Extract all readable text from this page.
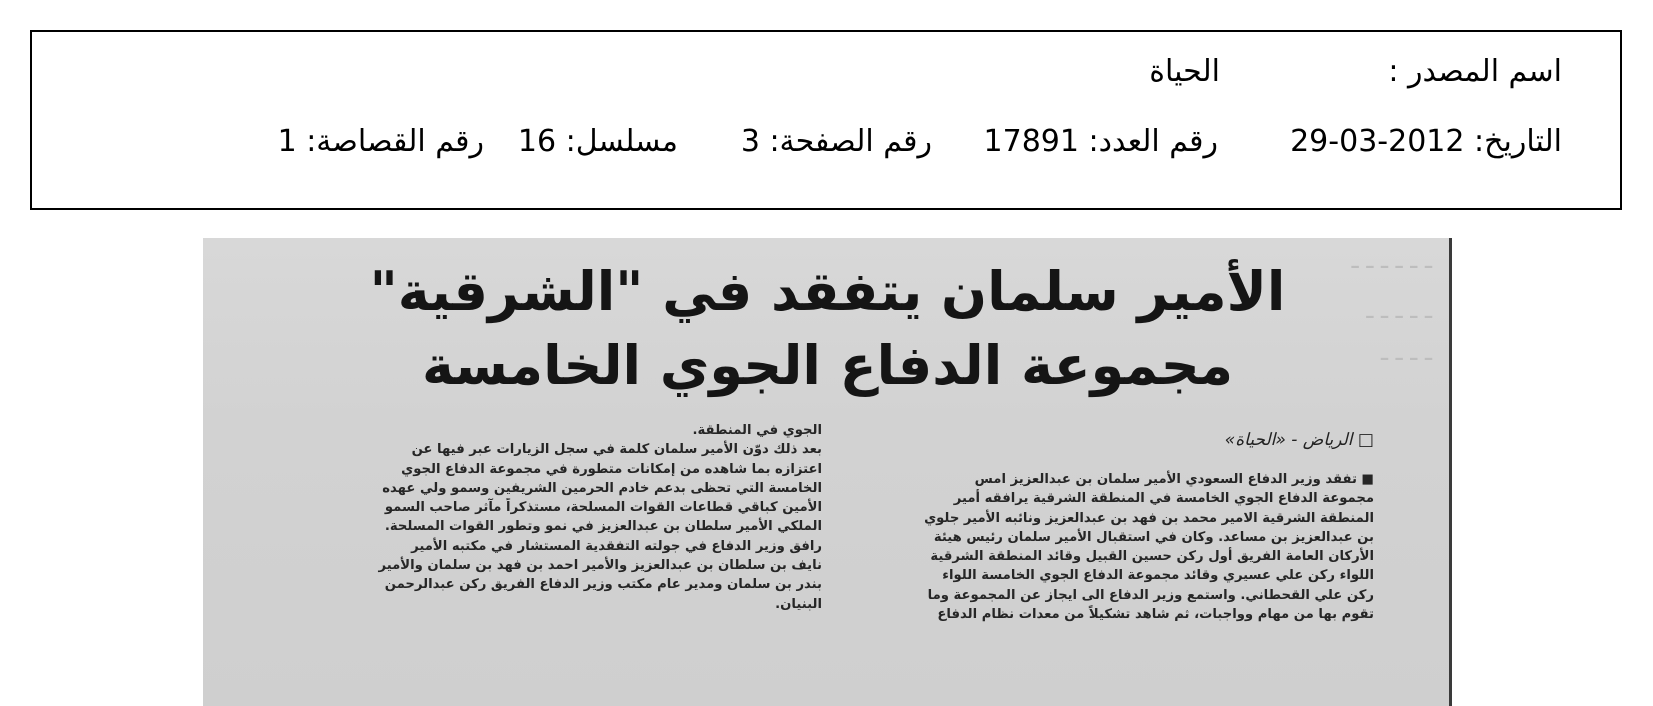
اسم المصدر :
الحياة
التاريخ: 2012-03-29
رقم العدد: 17891
رقم الصفحة: 3
مسلسل: 16
رقم القصاصة: 1
ـ ـ ـ ـ ـ ـ
ـ ـ ـ ـ ـ
ـ ـ ـ ـ
الأمير سلمان يتفقد في "الشرقية"
مجموعة الدفاع الجوي الخامسة
□ الرياض - «الحياة»
■ تفقد وزير الدفاع السعودي الأمير سلمان بن عبدالعزيز امس
مجموعة الدفاع الجوي الخامسة في المنطقة الشرقية يرافقه أمير
المنطقة الشرقية الامير محمد بن فهد بن عبدالعزيز ونائبه الأمير جلوي
بن عبدالعزيز بن مساعد. وكان في استقبال الأمير سلمان رئيس هيئة
الأركان العامة الفريق أول ركن حسين القبيل وقائد المنطقة الشرقية
اللواء ركن علي عسيري وقائد مجموعة الدفاع الجوي الخامسة اللواء
ركن علي القحطاني. واستمع وزير الدفاع الى ايجاز عن المجموعة وما
تقوم بها من مهام وواجبات، ثم شاهد تشكيلاً من معدات نظام الدفاع
الجوي في المنطقة.
بعد ذلك دوّن الأمير سلمان كلمة في سجل الزيارات عبر فيها عن
اعتزازه بما شاهده من إمكانات متطورة في مجموعة الدفاع الجوي
الخامسة التي تحظى بدعم خادم الحرمين الشريفين وسمو ولي عهده
الأمين كباقي قطاعات القوات المسلحة، مستذكراً مآثر صاحب السمو
الملكي الأمير سلطان بن عبدالعزيز في نمو وتطور القوات المسلحة.
رافق وزير الدفاع في جولته التفقدية المستشار في مكتبه الأمير
نايف بن سلطان بن عبدالعزيز والأمير احمد بن فهد بن سلمان والأمير
بندر بن سلمان ومدير عام مكتب وزير الدفاع الفريق ركن عبدالرحمن
البنيان.
